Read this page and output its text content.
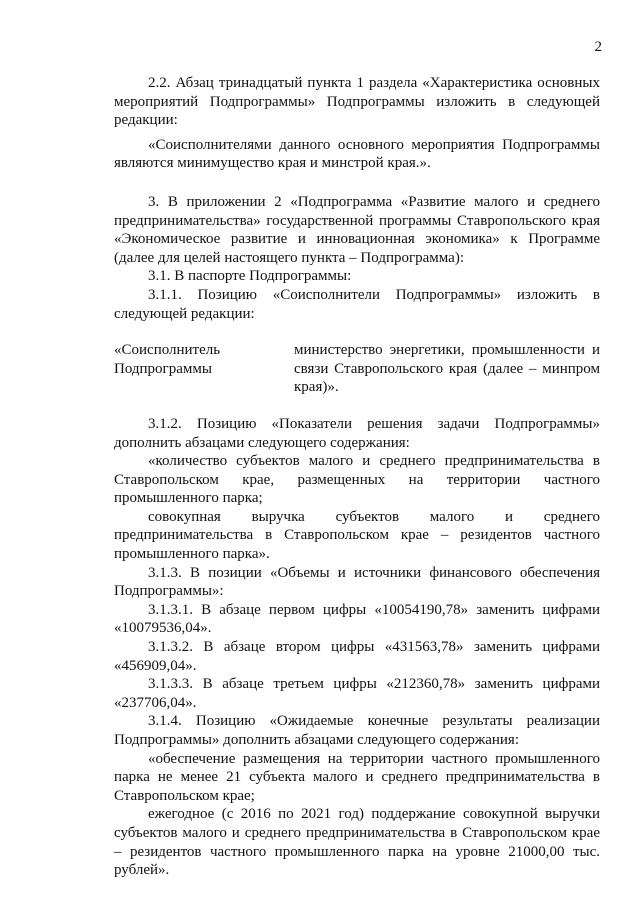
2

2.2. Абзац тринадцатый пункта 1 раздела «Характеристика основных мероприятий Подпрограммы» Подпрограммы изложить в следующей редакции:

«Соисполнителями данного основного мероприятия Подпрограммы являются минимущество края и минстрой края.».

3. В приложении 2 «Подпрограмма «Развитие малого и среднего предпринимательства» государственной программы Ставропольского края «Экономическое развитие и инновационная экономика» к Программе (далее для целей настоящего пункта – Подпрограмма):

3.1. В паспорте Подпрограммы:

3.1.1. Позицию «Соисполнители Подпрограммы» изложить в следующей редакции:

«Соисполнитель Подпрограммы
министерство энергетики, промышленности и связи Ставропольского края (далее – минпром края)».

3.1.2. Позицию «Показатели решения задачи Подпрограммы» дополнить абзацами следующего содержания:

«количество субъектов малого и среднего предпринимательства в Ставропольском крае, размещенных на территории частного промышленного парка;

совокупная выручка субъектов малого и среднего предпринимательства в Ставропольском крае – резидентов частного промышленного парка».

3.1.3. В позиции «Объемы и источники финансового обеспечения Подпрограммы»:

3.1.3.1. В абзаце первом цифры «10054190,78» заменить цифрами «10079536,04».

3.1.3.2. В абзаце втором цифры «431563,78» заменить цифрами «456909,04».

3.1.3.3. В абзаце третьем цифры «212360,78» заменить цифрами «237706,04».

3.1.4. Позицию «Ожидаемые конечные результаты реализации Подпрограммы» дополнить абзацами следующего содержания:

«обеспечение размещения на территории частного промышленного парка не менее 21 субъекта малого и среднего предпринимательства в Ставропольском крае;

ежегодное (с 2016 по 2021 год) поддержание совокупной выручки субъектов малого и среднего предпринимательства в Ставропольском крае – резидентов частного промышленного парка на уровне 21000,00 тыс. рублей».
